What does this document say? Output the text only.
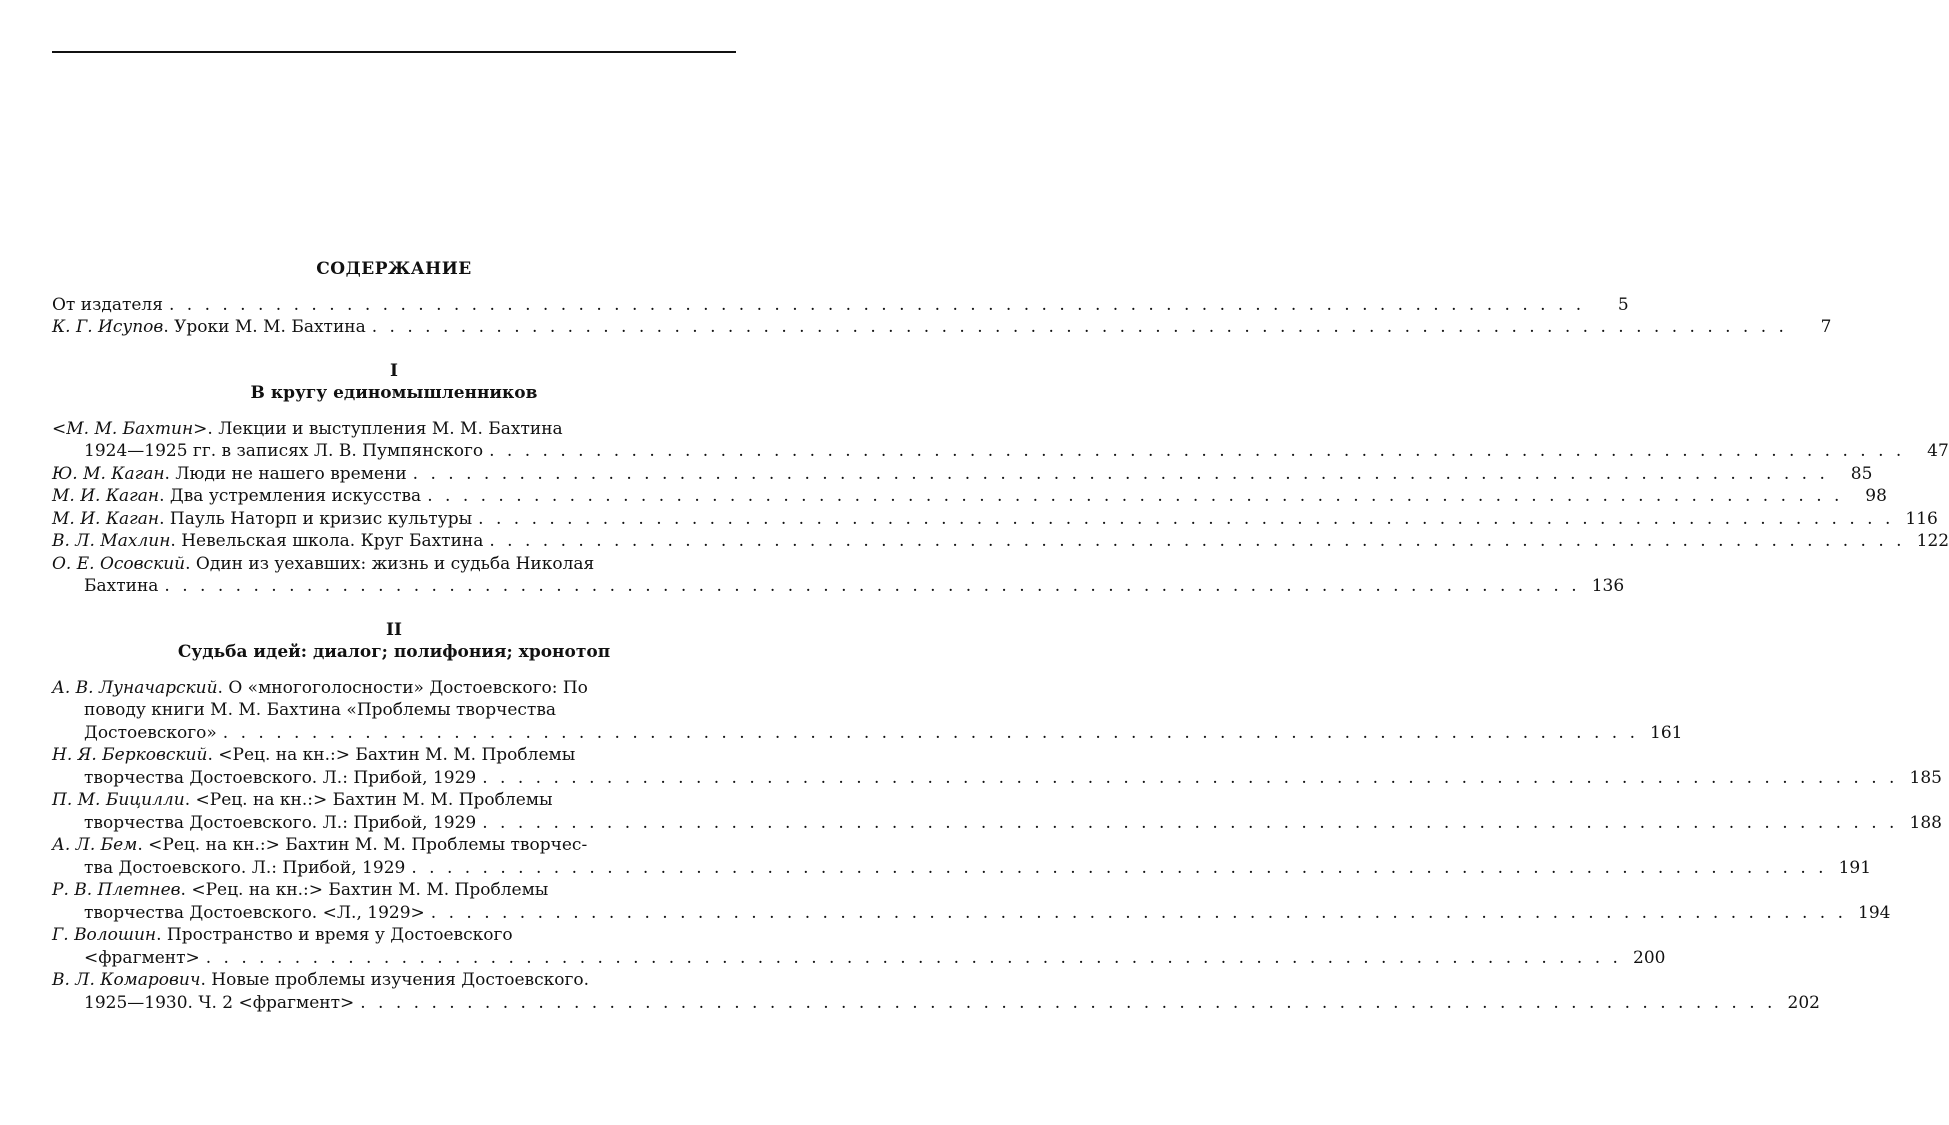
СОДЕРЖАНИЕ
От издателя . . . . . . . . . . . . . . . . . . . . . . . . . . . . . . . . . . . . . . . . . . . . . . . . . . . . . . . . . . . . . . . . . . . . . . . . . . . . . . . .	5
К. Г. Исупов. Уроки М. М. Бахтина . . . . . . . . . . . . . . . . . . . . . . . . . . . . . . . . . . . . . . . . . . . . . . . . . . . . . . . . . . . . . . . . . . . . . . . . . . . . . . . .	7
I
В кругу единомышленников
<М. М. Бахтин>. Лекции и выступления М. М. Бахтина
1924—1925 гг. в записях Л. В. Пумпянского . . . . . . . . . . . . . . . . . . . . . . . . . . . . . . . . . . . . . . . . . . . . . . . . . . . . . . . . . . . . . . . . . . . . . . . . . . . . . . . .	47
Ю. М. Каган. Люди не нашего времени . . . . . . . . . . . . . . . . . . . . . . . . . . . . . . . . . . . . . . . . . . . . . . . . . . . . . . . . . . . . . . . . . . . . . . . . . . . . . . . .	85
М. И. Каган. Два устремления искусства . . . . . . . . . . . . . . . . . . . . . . . . . . . . . . . . . . . . . . . . . . . . . . . . . . . . . . . . . . . . . . . . . . . . . . . . . . . . . . . .	98
М. И. Каган. Пауль Наторп и кризис культуры . . . . . . . . . . . . . . . . . . . . . . . . . . . . . . . . . . . . . . . . . . . . . . . . . . . . . . . . . . . . . . . . . . . . . . . . . . . . . . . . 116
В. Л. Махлин. Невельская школа. Круг Бахтина . . . . . . . . . . . . . . . . . . . . . . . . . . . . . . . . . . . . . . . . . . . . . . . . . . . . . . . . . . . . . . . . . . . . . . . . . . . . . . . . 122
О. Е. Осовский. Один из уехавших: жизнь и судьба Николая
Бахтина . . . . . . . . . . . . . . . . . . . . . . . . . . . . . . . . . . . . . . . . . . . . . . . . . . . . . . . . . . . . . . . . . . . . . . . . . . . . . . . . 136
II
Судьба идей: диалог; полифония; хронотоп
А. В. Луначарский. О «многоголосности» Достоевского: По
поводу книги М. М. Бахтина «Проблемы творчества
Достоевского» . . . . . . . . . . . . . . . . . . . . . . . . . . . . . . . . . . . . . . . . . . . . . . . . . . . . . . . . . . . . . . . . . . . . . . . . . . . . . . . . 161
Н. Я. Берковский. <Рец. на кн.:> Бахтин М. М. Проблемы
творчества Достоевского. Л.: Прибой, 1929 . . . . . . . . . . . . . . . . . . . . . . . . . . . . . . . . . . . . . . . . . . . . . . . . . . . . . . . . . . . . . . . . . . . . . . . . . . . . . . . . 185
П. М. Бицилли. <Рец. на кн.:> Бахтин М. М. Проблемы
творчества Достоевского. Л.: Прибой, 1929 . . . . . . . . . . . . . . . . . . . . . . . . . . . . . . . . . . . . . . . . . . . . . . . . . . . . . . . . . . . . . . . . . . . . . . . . . . . . . . . . 188
А. Л. Бем. <Рец. на кн.:> Бахтин М. М. Проблемы творчес-
тва Достоевского. Л.: Прибой, 1929 . . . . . . . . . . . . . . . . . . . . . . . . . . . . . . . . . . . . . . . . . . . . . . . . . . . . . . . . . . . . . . . . . . . . . . . . . . . . . . . . 191
Р. В. Плетнев. <Рец. на кн.:> Бахтин М. М. Проблемы
творчества Достоевского. <Л., 1929> . . . . . . . . . . . . . . . . . . . . . . . . . . . . . . . . . . . . . . . . . . . . . . . . . . . . . . . . . . . . . . . . . . . . . . . . . . . . . . . . 194
Г. Волошин. Пространство и время у Достоевского
<фрагмент> . . . . . . . . . . . . . . . . . . . . . . . . . . . . . . . . . . . . . . . . . . . . . . . . . . . . . . . . . . . . . . . . . . . . . . . . . . . . . . . . 200
В. Л. Комарович. Новые проблемы изучения Достоевского.
1925—1930. Ч. 2 <фрагмент> . . . . . . . . . . . . . . . . . . . . . . . . . . . . . . . . . . . . . . . . . . . . . . . . . . . . . . . . . . . . . . . . . . . . . . . . . . . . . . . . 202
